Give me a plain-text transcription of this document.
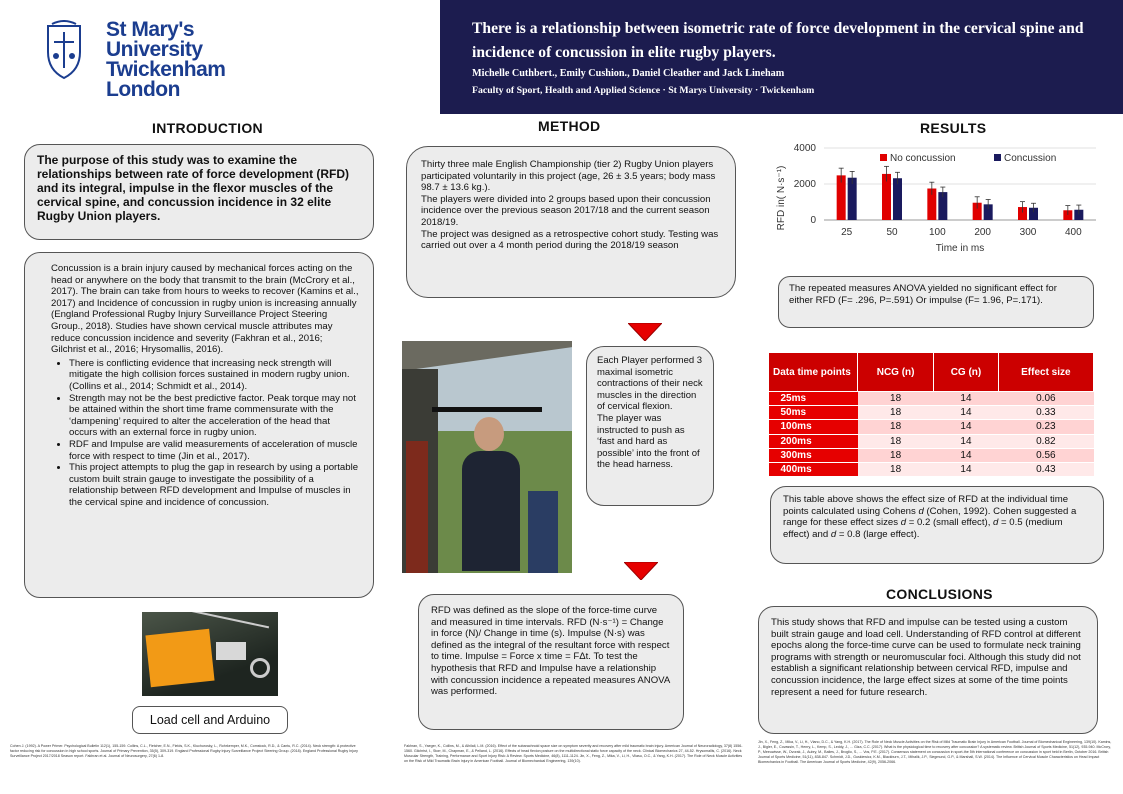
St Mary's
University
Twickenham
London
There is a relationship between isometric rate of force development in the cervical spine and
incidence of concussion in elite rugby players.
Michelle Cuthbert., Emily Cushion., Daniel Cleather and Jack Lineham
Faculty of Sport, Health and Applied Science · St Marys University · Twickenham
INTRODUCTION
The purpose of this study was to examine the relationships between rate of force development (RFD) and its integral, impulse in the flexor muscles of the cervical spine, and concussion incidence in 32 elite Rugby Union players.
Concussion is a brain injury caused by mechanical forces acting on the head or anywhere on the body that transmit to the brain (McCrory et al., 2017). The brain can take from hours to weeks to recover (Kamins et al., 2017) and Incidence of concussion in rugby union is increasing annually (England Professional Rugby Injury Surveillance Project Steering Group., 2018). Studies have shown cervical muscle attributes may reduce concussion incidence and severity (Fakhran et al., 2016; Gilchrist et al., 2016; Hrysomallis, 2016).
• There is conflicting evidence that increasing neck strength will mitigate the high collision forces sustained in modern rugby union. (Collins et al., 2014; Schmidt et al., 2014).
• Strength may not be the best predictive factor. Peak torque may not be attained within the short time frame commensurate with the ‘dampening’ required to alter the acceleration of the head that occurs with an external force in rugby union.
• RDF and Impulse are valid measurements of acceleration of muscle force with respect to time (Jin et al., 2017).
• This project attempts to plug the gap in research by using a portable custom built strain gauge to investigate the possibility of a relationship between RFD development and Impulse of muscles in the cervical spine and incidence of concussion.
Load cell and Arduino
METHOD
Thirty three male English Championship (tier 2) Rugby Union players participated voluntarily in this project (age, 26 ± 3.5 years; body mass 98.7 ± 13.6 kg.).
The players were divided into 2 groups based upon their concussion incidence over the previous season 2017/18 and the current season 2018/19.
The project was designed as a retrospective cohort study. Testing was carried out over a 4 month period during the 2018/19 season
Each Player performed 3 maximal isometric contractions of their neck muscles in the direction of cervical flexion.
The player was instructed to push as ‘fast and hard as possible’ into the front of the head harness.
RFD was defined as the slope of the force-time curve and measured in time intervals. RFD (N·s⁻¹) = Change in force (N)/ Change in time (s). Impulse (N·s) was defined as the integral of the resultant force with respect to time. Impulse = Force x time = FΔt. To test the hypothesis that RFD and Impulse have a relationship with concussion incidence a repeated measures ANOVA was performed.
RESULTS
RFD in( N·s⁻¹)
Time in ms
0
2000
4000
25	50	100	200	300	400
No concussion	Concussion
The repeated measures ANOVA yielded no significant effect for either RFD (F= .296, P=.591) Or impulse (F= 1.96, P=.171).
Data time points	NCG (n)	CG (n)	Effect size
25ms	18	14	0.06
50ms	18	14	0.33
100ms	18	14	0.23
200ms	18	14	0.82
300ms	18	14	0.56
400ms	18	14	0.43
This table above shows the effect size of RFD at the individual time points calculated using Cohens d (Cohen, 1992). Cohen suggested a range for these effect sizes d = 0.2 (small effect), d = 0.5 (medium effect) and d = 0.8 (large effect).
CONCLUSIONS
This study shows that RFD and impulse can be tested using a custom built strain gauge and load cell. Understanding of RFD control at different epochs along the force-time curve can be used to formulate neck training programs with strength or neuromuscular foci. Although this study did not establish a significant relationship between cervical RFD, impulse and concussion incidence, the large effect sizes at some of the time points represent a need for future research.
Cohen J. (1992). A Power Primer. Psychological Bulletin 112(1), 155-159. Collins, C.L., Fletcher, E.N., Fields, S.K., Kluchurosky, L., Rohrkemper, M.K., Comstock, R.D., & Cantu, R.C. (2014). Neck strength: A protective factor reducing risk for concussion in high school sports. Journal of Primary Prevention, 35(5), 309-319. England Professional Rugby Injury Surveillance Project Steering Group. (2018). England Professional Rugby Injury Surveillance Project 2017/2018 Season report. Fakhran et al. Journal of Neurosurgery, 27(6) 1-8.
Fakhran, S., Yaeger, K., Collins, M., & Alhilali, L.M. (2016). Effect of the subarachnoid space size on symptom severity and recovery after mild traumatic brain injury. American Journal of Neuroradiology, 37(8) 1556-1560. Gilchrist, I., Storr, M., Chapman, E., & Pelland, L. (2016). Effects of head flexion posture on the multidirectional static force capacity of the neck. Clinical Biomechanics 27, 44-52. Hrysomallis, C. (2016). Neck Muscular Strength, Training, Performance and Sport Injury Risk: A Review. Sports Medicine, 46(8), 1111-1124. Jin, X., Feng, Z., Mika, V., Li, H., Viiasu, O.C., & Yang, K.H. (2017). The Role of Neck Muscle Activities on the Risk of Mild Traumatic Brain Injury in American Football. Journal of Biomechanical Engineering, 139(10).
Jin, X., Feng, Z., Mika, V., Li, H., Viano, D.C., & Yang, K.H. (2017). The Role of Neck Muscle Activities on the Risk of Mild Traumatic Brain Injury in American Football. Journal of Biomechanical Engineering, 139(10). Kamins, J., Bigler, E., Covassin, T., Henry, L., Kemp, S., Leddy, J., ... Giza, C.C. (2017). What is the physiological time to recovery after concussion? A systematic review. British Journal of Sports Medicine, 51(12), 935-940. McCrory, P., Meeuwisse, W., Dvorak, J., Aubry, M., Bailes, J., Broglio, S., ... Vos, P.E. (2017). Consensus statement on concussion in sport-the 5th international conference on concussion in sport held in Berlin, October 2016. British Journal of Sports Medicine, 51(11), 838-847. Schmidt, J.D., Guskiewicz, K.M., Blackburn, J.T., Mihalik, J.P., Siegmund, G.P., & Marshall, S.W. (2014). The Influence of Cervical Muscle Characteristics on Head Impact Biomechanics in Football. The American Journal of Sports Medicine, 42(9), 2056-2066.
